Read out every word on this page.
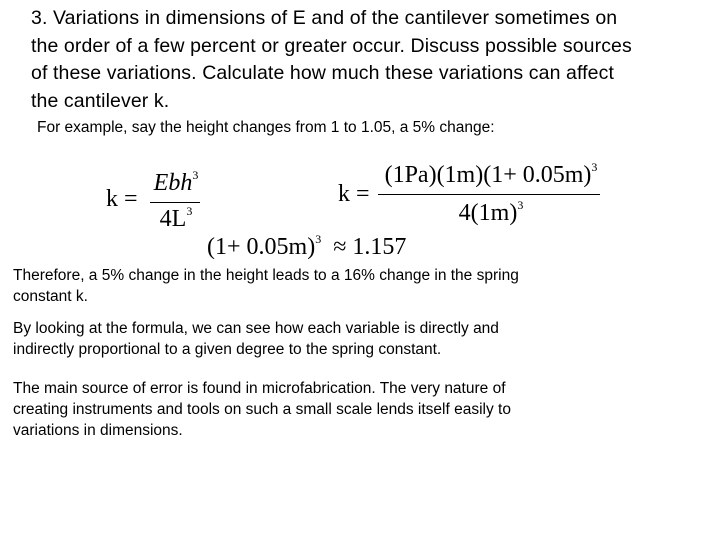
3. Variations in dimensions of E and of the cantilever sometimes on
the order of a few percent or greater occur. Discuss possible sources
of these variations. Calculate how much these variations can affect
the cantilever k.

For example, say the height changes from 1 to 1.05, a 5% change:

k =
Ebh$^3$
$4L^3$
k =
$(1Pa)(1m)(1+ 0.05m)^3$
$4(1m)^3$
$(1+ 0.05m)^3 \approx 1.157$

Therefore, a 5% change in the height leads to a 16% change in the spring
constant k.

By looking at the formula, we can see how each variable is directly and
indirectly proportional to a given degree to the spring constant.

The main source of error is found in microfabrication. The very nature of
creating instruments and tools on such a small scale lends itself easily to
variations in dimensions.
